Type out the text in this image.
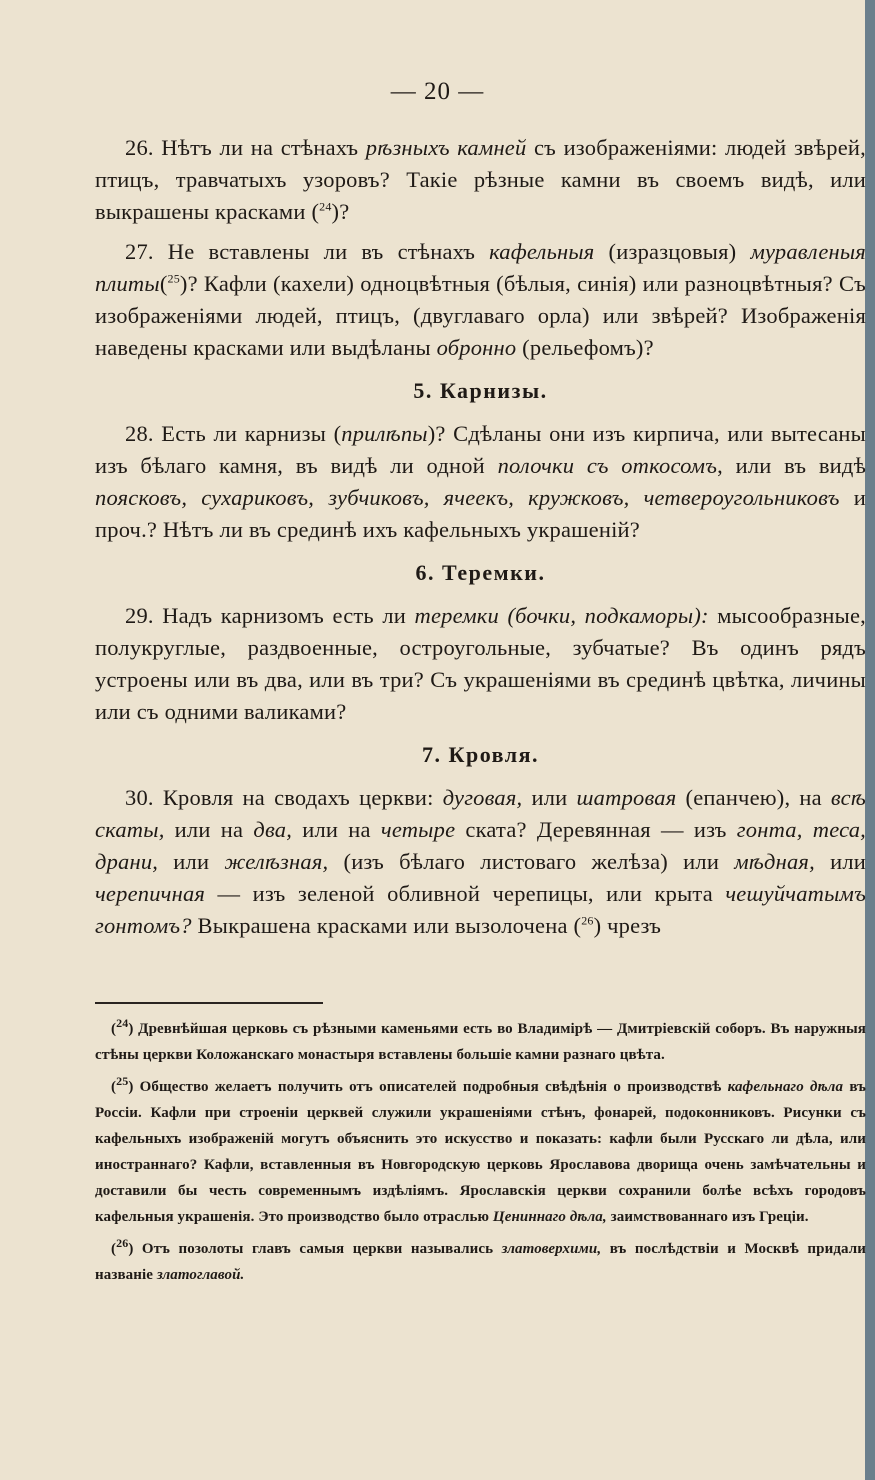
— 20 —

26. Нѣтъ ли на стѣнахъ рѣзныхъ камней съ изображеніями: людей звѣрей, птицъ, травчатыхъ узоровъ? Такіе рѣзные камни въ своемъ видѣ, или выкрашены красками ($^{24}$)?

27. Не вставлены ли въ стѣнахъ кафельныя (изразцовыя) муравленыя плиты($^{25}$)? Кафли (кахели) одноцвѣтныя (бѣлыя, синія) или разноцвѣтныя? Съ изображеніями людей, птицъ, (двуглаваго орла) или звѣрей? Изображенія наведены красками или выдѣланы обронно (рельефомъ)?

5. Карнизы.

28. Есть ли карнизы (прилѣпы)? Сдѣланы они изъ кирпича, или вытесаны изъ бѣлаго камня, въ видѣ ли одной полочки съ откосомъ, или въ видѣ поясковъ, сухариковъ, зубчиковъ, ячеекъ, кружковъ, четвероугольниковъ и проч.? Нѣтъ ли въ срединѣ ихъ кафельныхъ украшеній?

6. Теремки.

29. Надъ карнизомъ есть ли теремки (бочки, подкаморы): мысообразные, полукруглые, раздвоенные, остроугольные, зубчатые? Въ одинъ рядъ устроены или въ два, или въ три? Съ украшеніями въ срединѣ цвѣтка, личины или съ одними валиками?

7. Кровля.

30. Кровля на сводахъ церкви: дуговая, или шатровая (епанчею), на всѣ скаты, или на два, или на четыре ската? Деревянная — изъ гонта, теса, драни, или желѣзная, (изъ бѣлаго листоваго желѣза) или мѣдная, или черепичная — изъ зеленой обливной черепицы, или крыта чешуйчатымъ гонтомъ? Выкрашена красками или вызолочена ($^{26}$) чрезъ

($^{24}$) Древнѣйшая церковь съ рѣзными каменьями есть во Владимірѣ — Дмитріевскій соборъ. Въ наружныя стѣны церкви Коложанскаго монастыря вставлены большіе камни разнаго цвѣта.

($^{25}$) Общество желаетъ получить отъ описателей подробныя свѣдѣнія о производствѣ кафельнаго дѣла въ Россіи. Кафли при строеніи церквей служили украшеніями стѣнъ, фонарей, подоконниковъ. Рисунки съ кафельныхъ изображеній могутъ объяснить это искусство и показать: кафли были Русскаго ли дѣла, или иностраннаго? Кафли, вставленныя въ Новгородскую церковь Ярославова дворища очень замѣчательны и доставили бы честь современнымъ издѣліямъ. Ярославскія церкви сохранили болѣе всѣхъ городовъ кафельныя украшенія. Это производство было отраслью Цениннаго дѣла, заимствованнаго изъ Греціи.

($^{26}$) Отъ позолоты главъ самыя церкви назывались златоверхими, въ послѣдствіи и Москвѣ придали названіе златоглавой.
